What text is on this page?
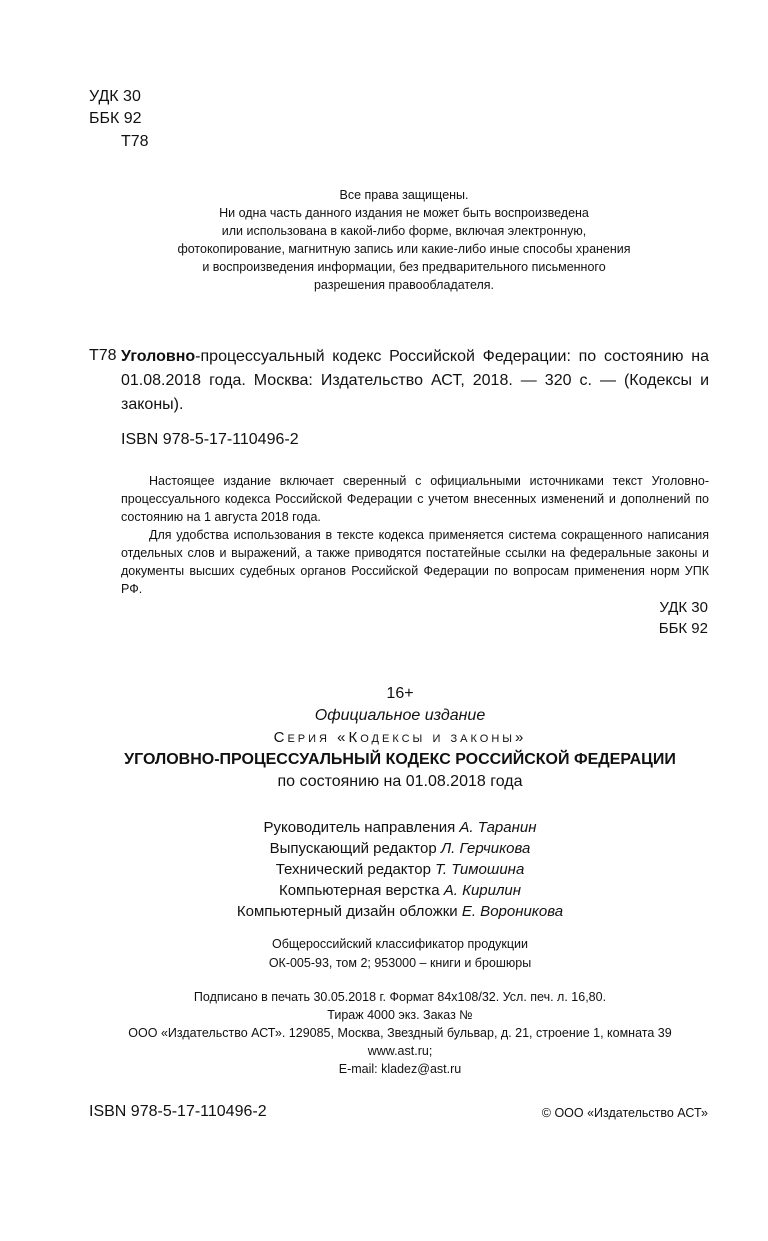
УДК 30
ББК 92
Т78
Все права защищены.
Ни одна часть данного издания не может быть воспроизведена
или использована в какой-либо форме, включая электронную,
фотокопирование, магнитную запись или какие-либо иные способы хранения
и воспроизведения информации, без предварительного письменного
разрешения правообладателя.
Т78 Уголовно-процессуальный кодекс Российской Федерации: по состоянию на 01.08.2018 года. Москва: Издательство АСТ, 2018. — 320 с. — (Кодексы и законы).
ISBN 978-5-17-110496-2

Настоящее издание включает сверенный с официальными источниками текст Уголовно-процессуального кодекса Российской Федерации с учетом внесенных изменений и дополнений по состоянию на 1 августа 2018 года.

Для удобства использования в тексте кодекса применяется система сокращенного написания отдельных слов и выражений, а также приводятся постатейные ссылки на федеральные законы и документы высших судебных органов Российской Федерации по вопросам применения норм УПК РФ.

УДК 30
ББК 92
16+
Официальное издание
Серия «Кодексы и законы»
УГОЛОВНО-ПРОЦЕССУАЛЬНЫЙ КОДЕКС РОССИЙСКОЙ ФЕДЕРАЦИИ
по состоянию на 01.08.2018 года
Руководитель направления А. Таранин
Выпускающий редактор Л. Герчикова
Технический редактор Т. Тимошина
Компьютерная верстка А. Кирилин
Компьютерный дизайн обложки Е. Вороникова
Общероссийский классификатор продукции
ОК-005-93, том 2; 953000 – книги и брошюры
Подписано в печать 30.05.2018 г. Формат 84x108/32. Усл. печ. л. 16,80.
Тираж 4000 экз. Заказ №
ООО «Издательство АСТ». 129085, Москва, Звездный бульвар, д. 21, строение 1, комната 39
www.ast.ru;
E-mail: kladez@ast.ru
ISBN 978-5-17-110496-2	© ООО «Издательство АСТ»
